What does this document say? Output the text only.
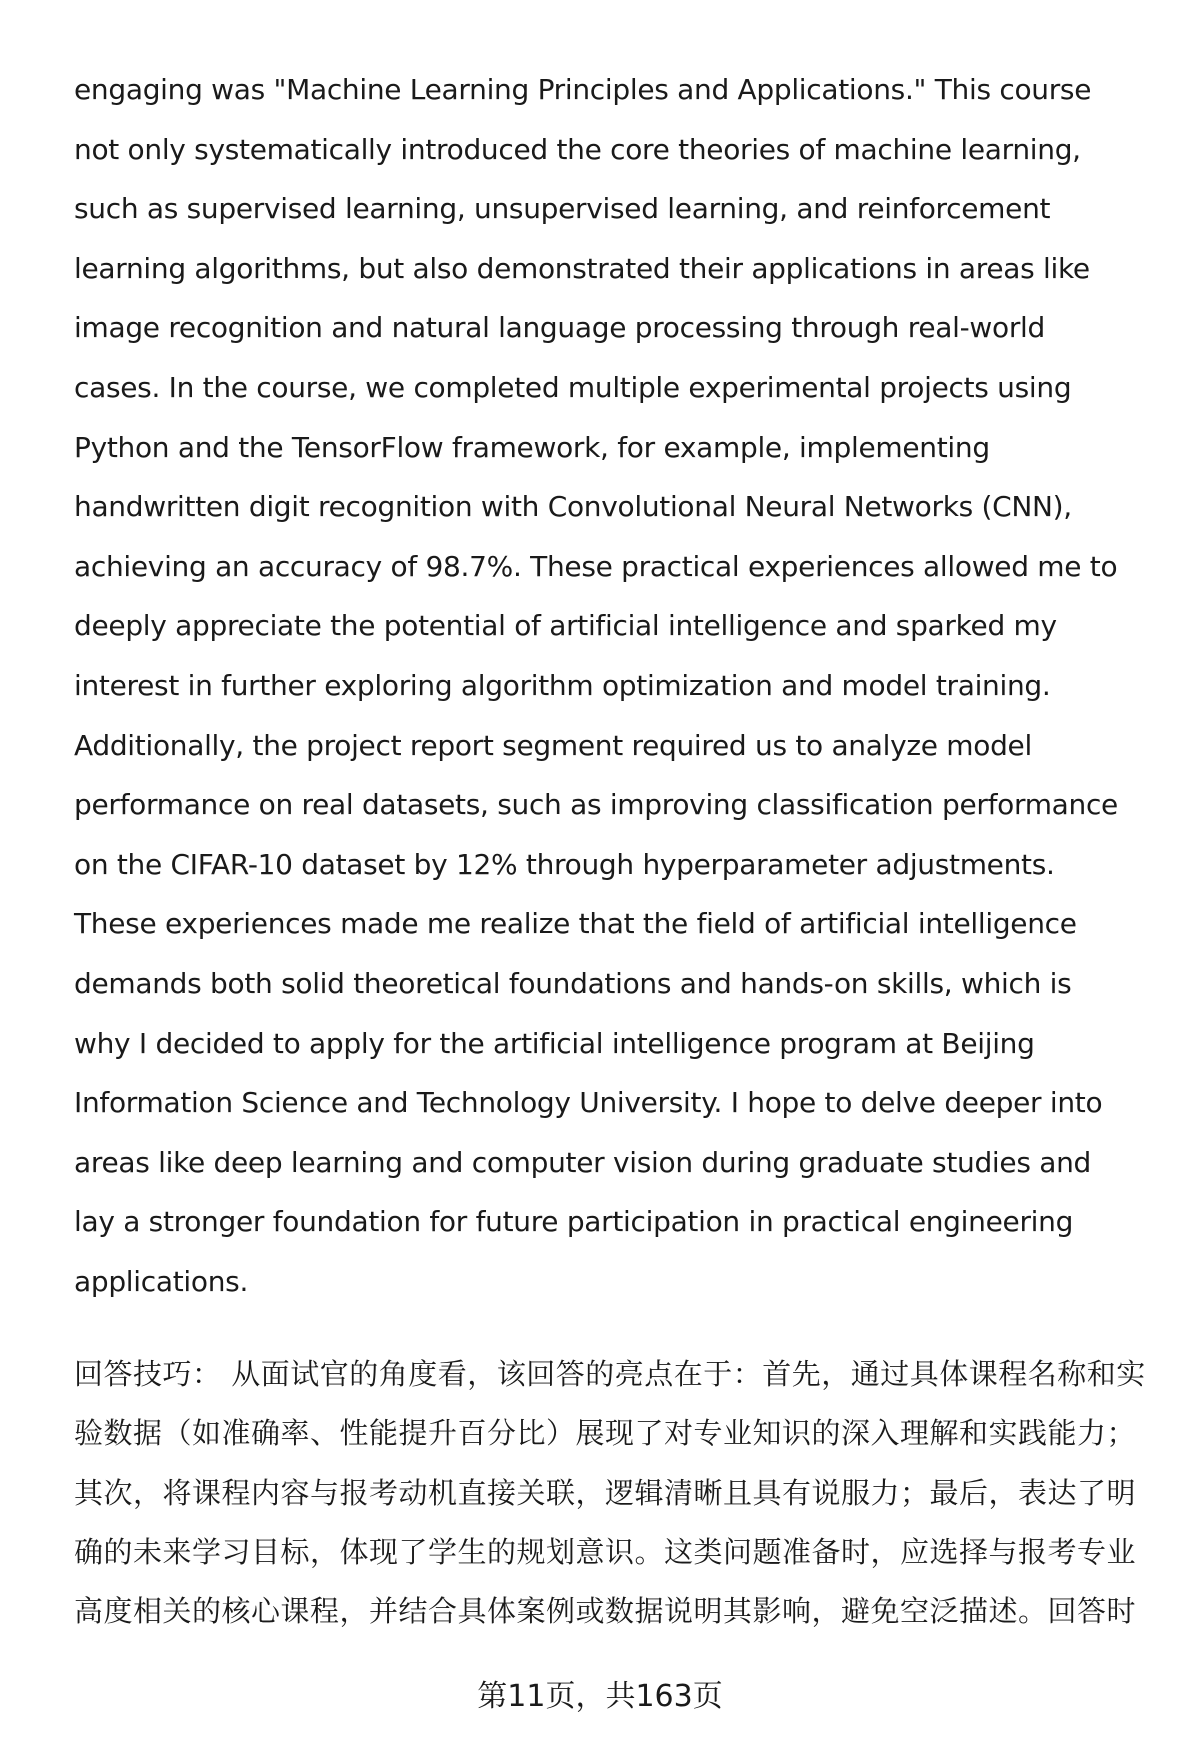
engaging was "Machine Learning Principles and Applications." This course
not only systematically introduced the core theories of machine learning,
such as supervised learning, unsupervised learning, and reinforcement
learning algorithms, but also demonstrated their applications in areas like
image recognition and natural language processing through real-world
cases. In the course, we completed multiple experimental projects using
Python and the TensorFlow framework, for example, implementing
handwritten digit recognition with Convolutional Neural Networks (CNN),
achieving an accuracy of 98.7%. These practical experiences allowed me to
deeply appreciate the potential of artificial intelligence and sparked my
interest in further exploring algorithm optimization and model training.
Additionally, the project report segment required us to analyze model
performance on real datasets, such as improving classification performance
on the CIFAR-10 dataset by 12% through hyperparameter adjustments.
These experiences made me realize that the field of artificial intelligence
demands both solid theoretical foundations and hands-on skills, which is
why I decided to apply for the artificial intelligence program at Beijing
Information Science and Technology University. I hope to delve deeper into
areas like deep learning and computer vision during graduate studies and
lay a stronger foundation for future participation in practical engineering
applications.
回答技巧： 从面试官的角度看，该回答的亮点在于：首先，通过具体课程名称和实
验数据（如准确率、性能提升百分比）展现了对专业知识的深入理解和实践能力；
其次，将课程内容与报考动机直接关联，逻辑清晰且具有说服力；最后，表达了明
确的未来学习目标，体现了学生的规划意识。这类问题准备时，应选择与报考专业
高度相关的核心课程，并结合具体案例或数据说明其影响，避免空泛描述。回答时
第11页，共163页
